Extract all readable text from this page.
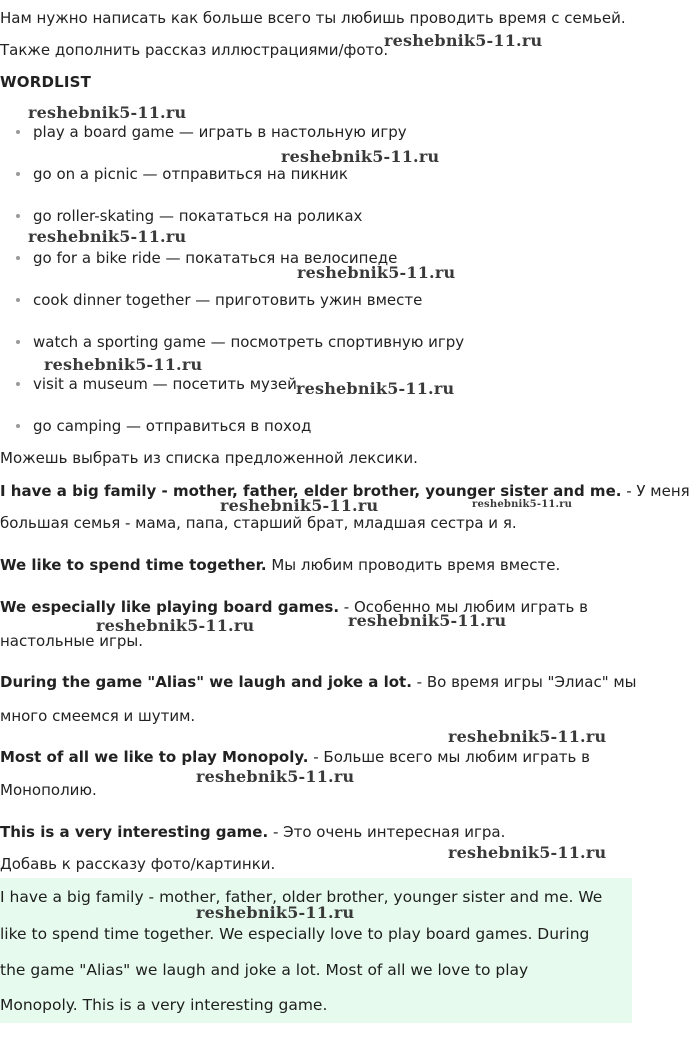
Нам нужно написать как больше всего ты любишь проводить время с семьей.
Также дополнить рассказ иллюстрациями/фото.
WORDLIST
play a board game — играть в настольную игру
go on a picnic — отправиться на пикник
go roller-skating — покататься на роликах
go for a bike ride — покататься на велосипеде
cook dinner together — приготовить ужин вместе
watch a sporting game — посмотреть спортивную игру
visit a museum — посетить музей
go camping — отправиться в поход
Можешь выбрать из списка предложенной лексики.
I have a big family - mother, father, elder brother, younger sister and me. - У меня
большая семья - мама, папа, старший брат, младшая сестра и я.
We like to spend time together. Мы любим проводить время вместе.
We especially like playing board games. - Особенно мы любим играть в
настольные игры.
During the game "Alias" we laugh and joke a lot. - Во время игры "Элиас" мы
много смеемся и шутим.
Most of all we like to play Monopoly. - Больше всего мы любим играть в
Монополию.
This is a very interesting game. - Это очень интересная игра.
Добавь к рассказу фото/картинки.
I have a big family - mother, father, older brother, younger sister and me. We
like to spend time together. We especially love to play board games. During
the game "Alias" we laugh and joke a lot. Most of all we love to play
Monopoly. This is a very interesting game.
reshebnik5-11.ru
reshebnik5-11.ru
reshebnik5-11.ru
reshebnik5-11.ru
reshebnik5-11.ru
reshebnik5-11.ru
reshebnik5-11.ru
reshebnik5-11.ru	reshebnik5-11.ru
reshebnik5-11.ru	reshebnik5-11.ru
reshebnik5-11.ru
reshebnik5-11.ru
reshebnik5-11.ru
reshebnik5-11.ru
